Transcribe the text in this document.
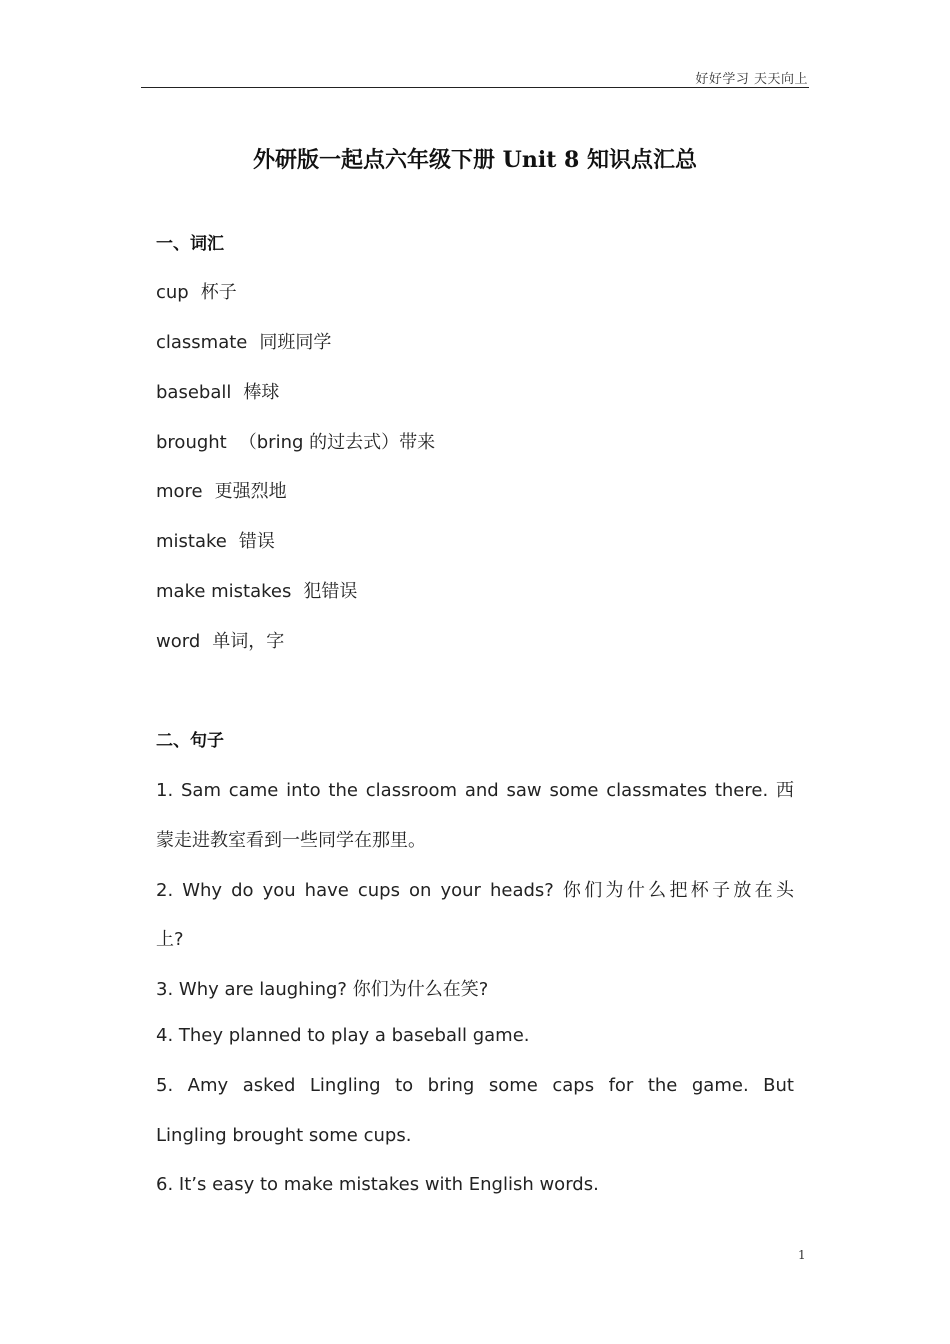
好好学习 天天向上
外研版一起点六年级下册 Unit 8 知识点汇总
一、词汇
cup 杯子
classmate 同班同学
baseball 棒球
brought （bring 的过去式）带来
more 更强烈地
mistake 错误
make mistakes 犯错误
word 单词，字
二、句子
1. Sam came into the classroom and saw some classmates there. 西
蒙走进教室看到一些同学在那里。
2. Why do you have cups on your heads? 你们为什么把杯子放在头
上?
3. Why are laughing? 你们为什么在笑?
4. They planned to play a baseball game.
5. Amy asked Lingling to bring some caps for the game. But
Lingling brought some cups.
6. It’s easy to make mistakes with English words.
1
